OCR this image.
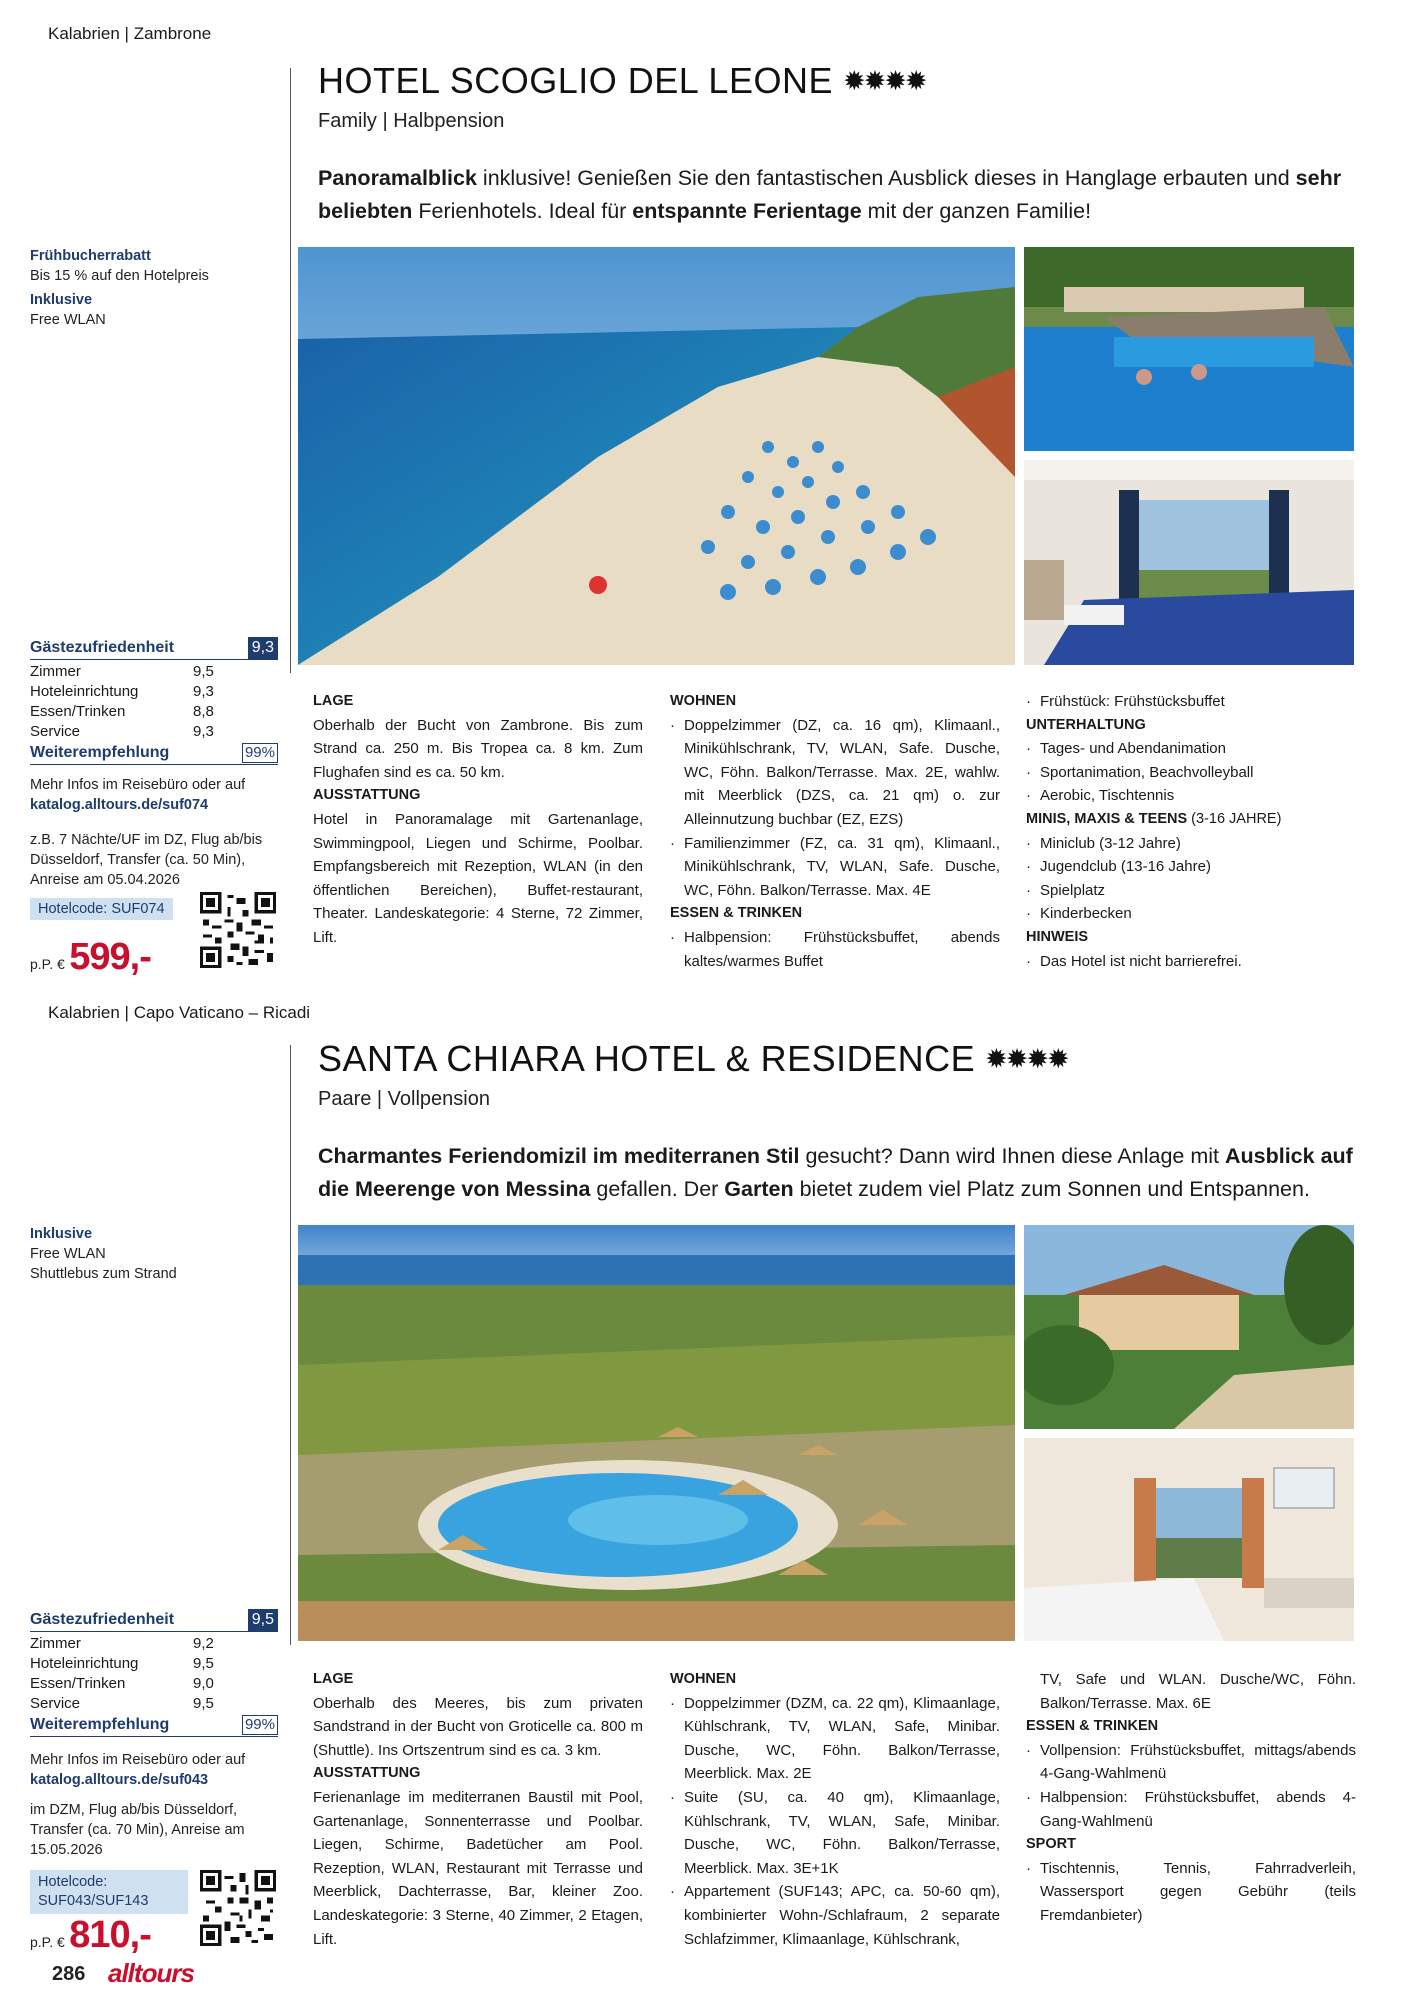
Kalabrien | Zambrone
HOTEL SCOGLIO DEL LEONE ✹✹✹✹
Family | Halbpension
Panoramalblick inklusive! Genießen Sie den fantastischen Ausblick dieses in Hanglage erbauten und sehr beliebten Ferienhotels. Ideal für entspannte Ferientage mit der ganzen Familie!
Frühbucherrabatt
Bis 15 % auf den Hotelpreis
Inklusive
Free WLAN
Gästezufriedenheit	9,3
Zimmer	9,5
Hoteleinrichtung	9,3
Essen/Trinken	8,8
Service	9,3
Weiterempfehlung	99%
Mehr Infos im Reisebüro oder auf
katalog.alltours.de/suf074
z.B. 7 Nächte/UF im DZ, Flug ab/bis Düsseldorf, Transfer (ca. 50 Min), Anreise am 05.04.2026
Hotelcode: SUF074
p.P. € 599,-
LAGE
Oberhalb der Bucht von Zambrone. Bis zum Strand ca. 250 m. Bis Tropea ca. 8 km. Zum Flughafen sind es ca. 50 km.
AUSSTATTUNG
Hotel in Panoramalage mit Gartenanlage, Swimmingpool, Liegen und Schirme, Poolbar. Empfangsbereich mit Rezeption, WLAN (in den öffentlichen Bereichen), Buffet-restaurant, Theater. Landeskategorie: 4 Sterne, 72 Zimmer, Lift.
WOHNEN
· Doppelzimmer (DZ, ca. 16 qm), Klimaanl., Minikühlschrank, TV, WLAN, Safe. Dusche, WC, Föhn. Balkon/Terrasse. Max. 2E, wahlw. mit Meerblick (DZS, ca. 21 qm) o. zur Alleinnutzung buchbar (EZ, EZS)
· Familienzimmer (FZ, ca. 31 qm), Klimaanl., Minikühlschrank, TV, WLAN, Safe. Dusche, WC, Föhn. Balkon/Terrasse. Max. 4E
ESSEN & TRINKEN
· Halbpension: Frühstücksbuffet, abends kaltes/warmes Buffet
· Frühstück: Frühstücksbuffet
UNTERHALTUNG
· Tages- und Abendanimation
· Sportanimation, Beachvolleyball
· Aerobic, Tischtennis
MINIS, MAXIS & TEENS (3-16 JAHRE)
· Miniclub (3-12 Jahre)
· Jugendclub (13-16 Jahre)
· Spielplatz
· Kinderbecken
HINWEIS
· Das Hotel ist nicht barrierefrei.
Kalabrien | Capo Vaticano – Ricadi
SANTA CHIARA HOTEL & RESIDENCE ✹✹✹✹
Paare | Vollpension
Charmantes Feriendomizil im mediterranen Stil gesucht? Dann wird Ihnen diese Anlage mit Ausblick auf die Meerenge von Messina gefallen. Der Garten bietet zudem viel Platz zum Sonnen und Entspannen.
Inklusive
Free WLAN
Shuttlebus zum Strand
Gästezufriedenheit	9,5
Zimmer	9,2
Hoteleinrichtung	9,5
Essen/Trinken	9,0
Service	9,5
Weiterempfehlung	99%
Mehr Infos im Reisebüro oder auf
katalog.alltours.de/suf043
im DZM, Flug ab/bis Düsseldorf, Transfer (ca. 70 Min), Anreise am 15.05.2026
Hotelcode: SUF043/SUF143
p.P. € 810,-
LAGE
Oberhalb des Meeres, bis zum privaten Sandstrand in der Bucht von Groticelle ca. 800 m (Shuttle). Ins Ortszentrum sind es ca. 3 km.
AUSSTATTUNG
Ferienanlage im mediterranen Baustil mit Pool, Gartenanlage, Sonnenterrasse und Poolbar. Liegen, Schirme, Badetücher am Pool. Rezeption, WLAN, Restaurant mit Terrasse und Meerblick, Dachterrasse, Bar, kleiner Zoo. Landeskategorie: 3 Sterne, 40 Zimmer, 2 Etagen, Lift.
WOHNEN
· Doppelzimmer (DZM, ca. 22 qm), Klimaanlage, Kühlschrank, TV, WLAN, Safe, Minibar. Dusche, WC, Föhn. Balkon/Terrasse, Meerblick. Max. 2E
· Suite (SU, ca. 40 qm), Klimaanlage, Kühlschrank, TV, WLAN, Safe, Minibar. Dusche, WC, Föhn. Balkon/Terrasse, Meerblick. Max. 3E+1K
· Appartement (SUF143; APC, ca. 50-60 qm), kombinierter Wohn-/Schlafraum, 2 separate Schlafzimmer, Klimaanlage, Kühlschrank,
TV, Safe und WLAN. Dusche/WC, Föhn. Balkon/Terrasse. Max. 6E
ESSEN & TRINKEN
· Vollpension: Frühstücksbuffet, mittags/abends 4-Gang-Wahlmenü
· Halbpension: Frühstücksbuffet, abends 4-Gang-Wahlmenü
SPORT
· Tischtennis, Tennis, Fahrradverleih, Wassersport gegen Gebühr (teils Fremdanbieter)
286 alltours
